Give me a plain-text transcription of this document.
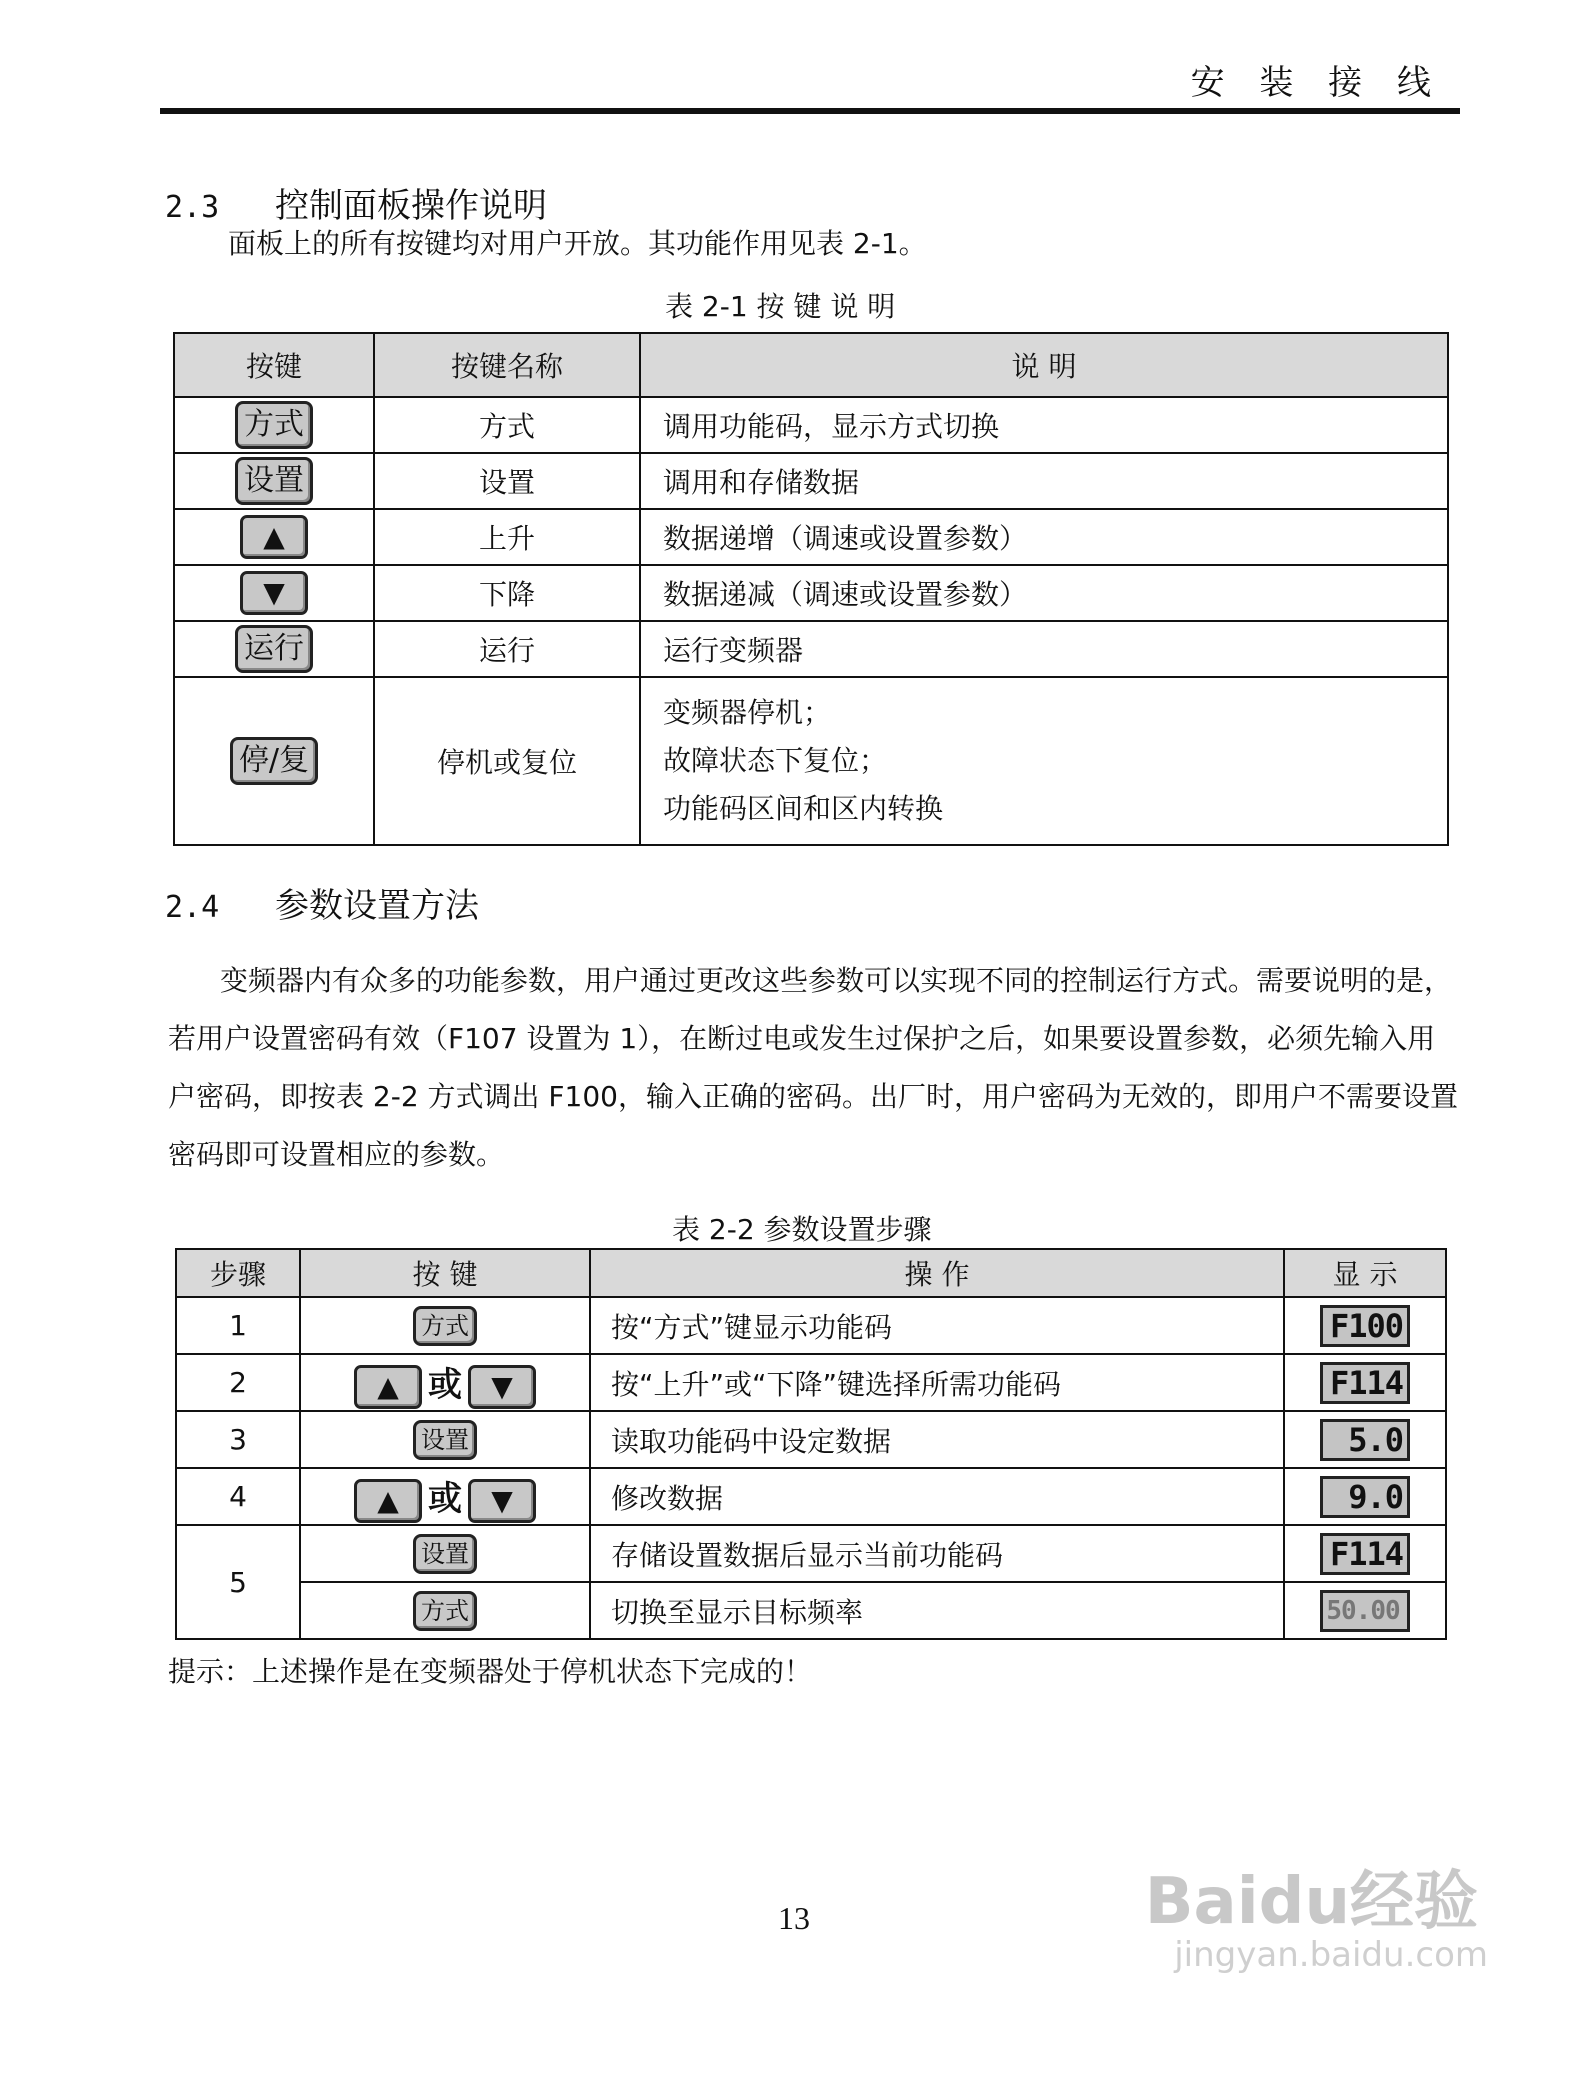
安 装 接 线
2.3 控制面板操作说明
面板上的所有按键均对用户开放。其功能作用见表 2-1。
表 2-1 按 键 说 明
按键	按键名称	说 明
方式	方式	调用功能码，显示方式切换
设置	设置	调用和存储数据
▲	上升	数据递增（调速或设置参数）
▼	下降	数据递减（调速或设置参数）
运行	运行	运行变频器
停/复	停机或复位	变频器停机；
故障状态下复位；
功能码区间和区内转换
2.4 参数设置方法
变频器内有众多的功能参数，用户通过更改这些参数可以实现不同的控制运行方式。需要说明的是，若用户设置密码有效（F107 设置为 1），在断过电或发生过保护之后，如果要设置参数，必须先输入用户密码，即按表 2-2 方式调出 F100，输入正确的密码。出厂时，用户密码为无效的，即用户不需要设置密码即可设置相应的参数。
表 2-2 参数设置步骤
步骤	按 键	操 作	显 示
1	方式	按“方式”键显示功能码	F100
2	▲ 或 ▼	按“上升”或“下降”键选择所需功能码	F114
3	设置	读取功能码中设定数据	5.0
4	▲ 或 ▼	修改数据	9.0
5	设置	存储设置数据后显示当前功能码	F114
	方式	切换至显示目标频率	50.00
提示：上述操作是在变频器处于停机状态下完成的！
13	Baidu经验
jingyan.baidu.com
